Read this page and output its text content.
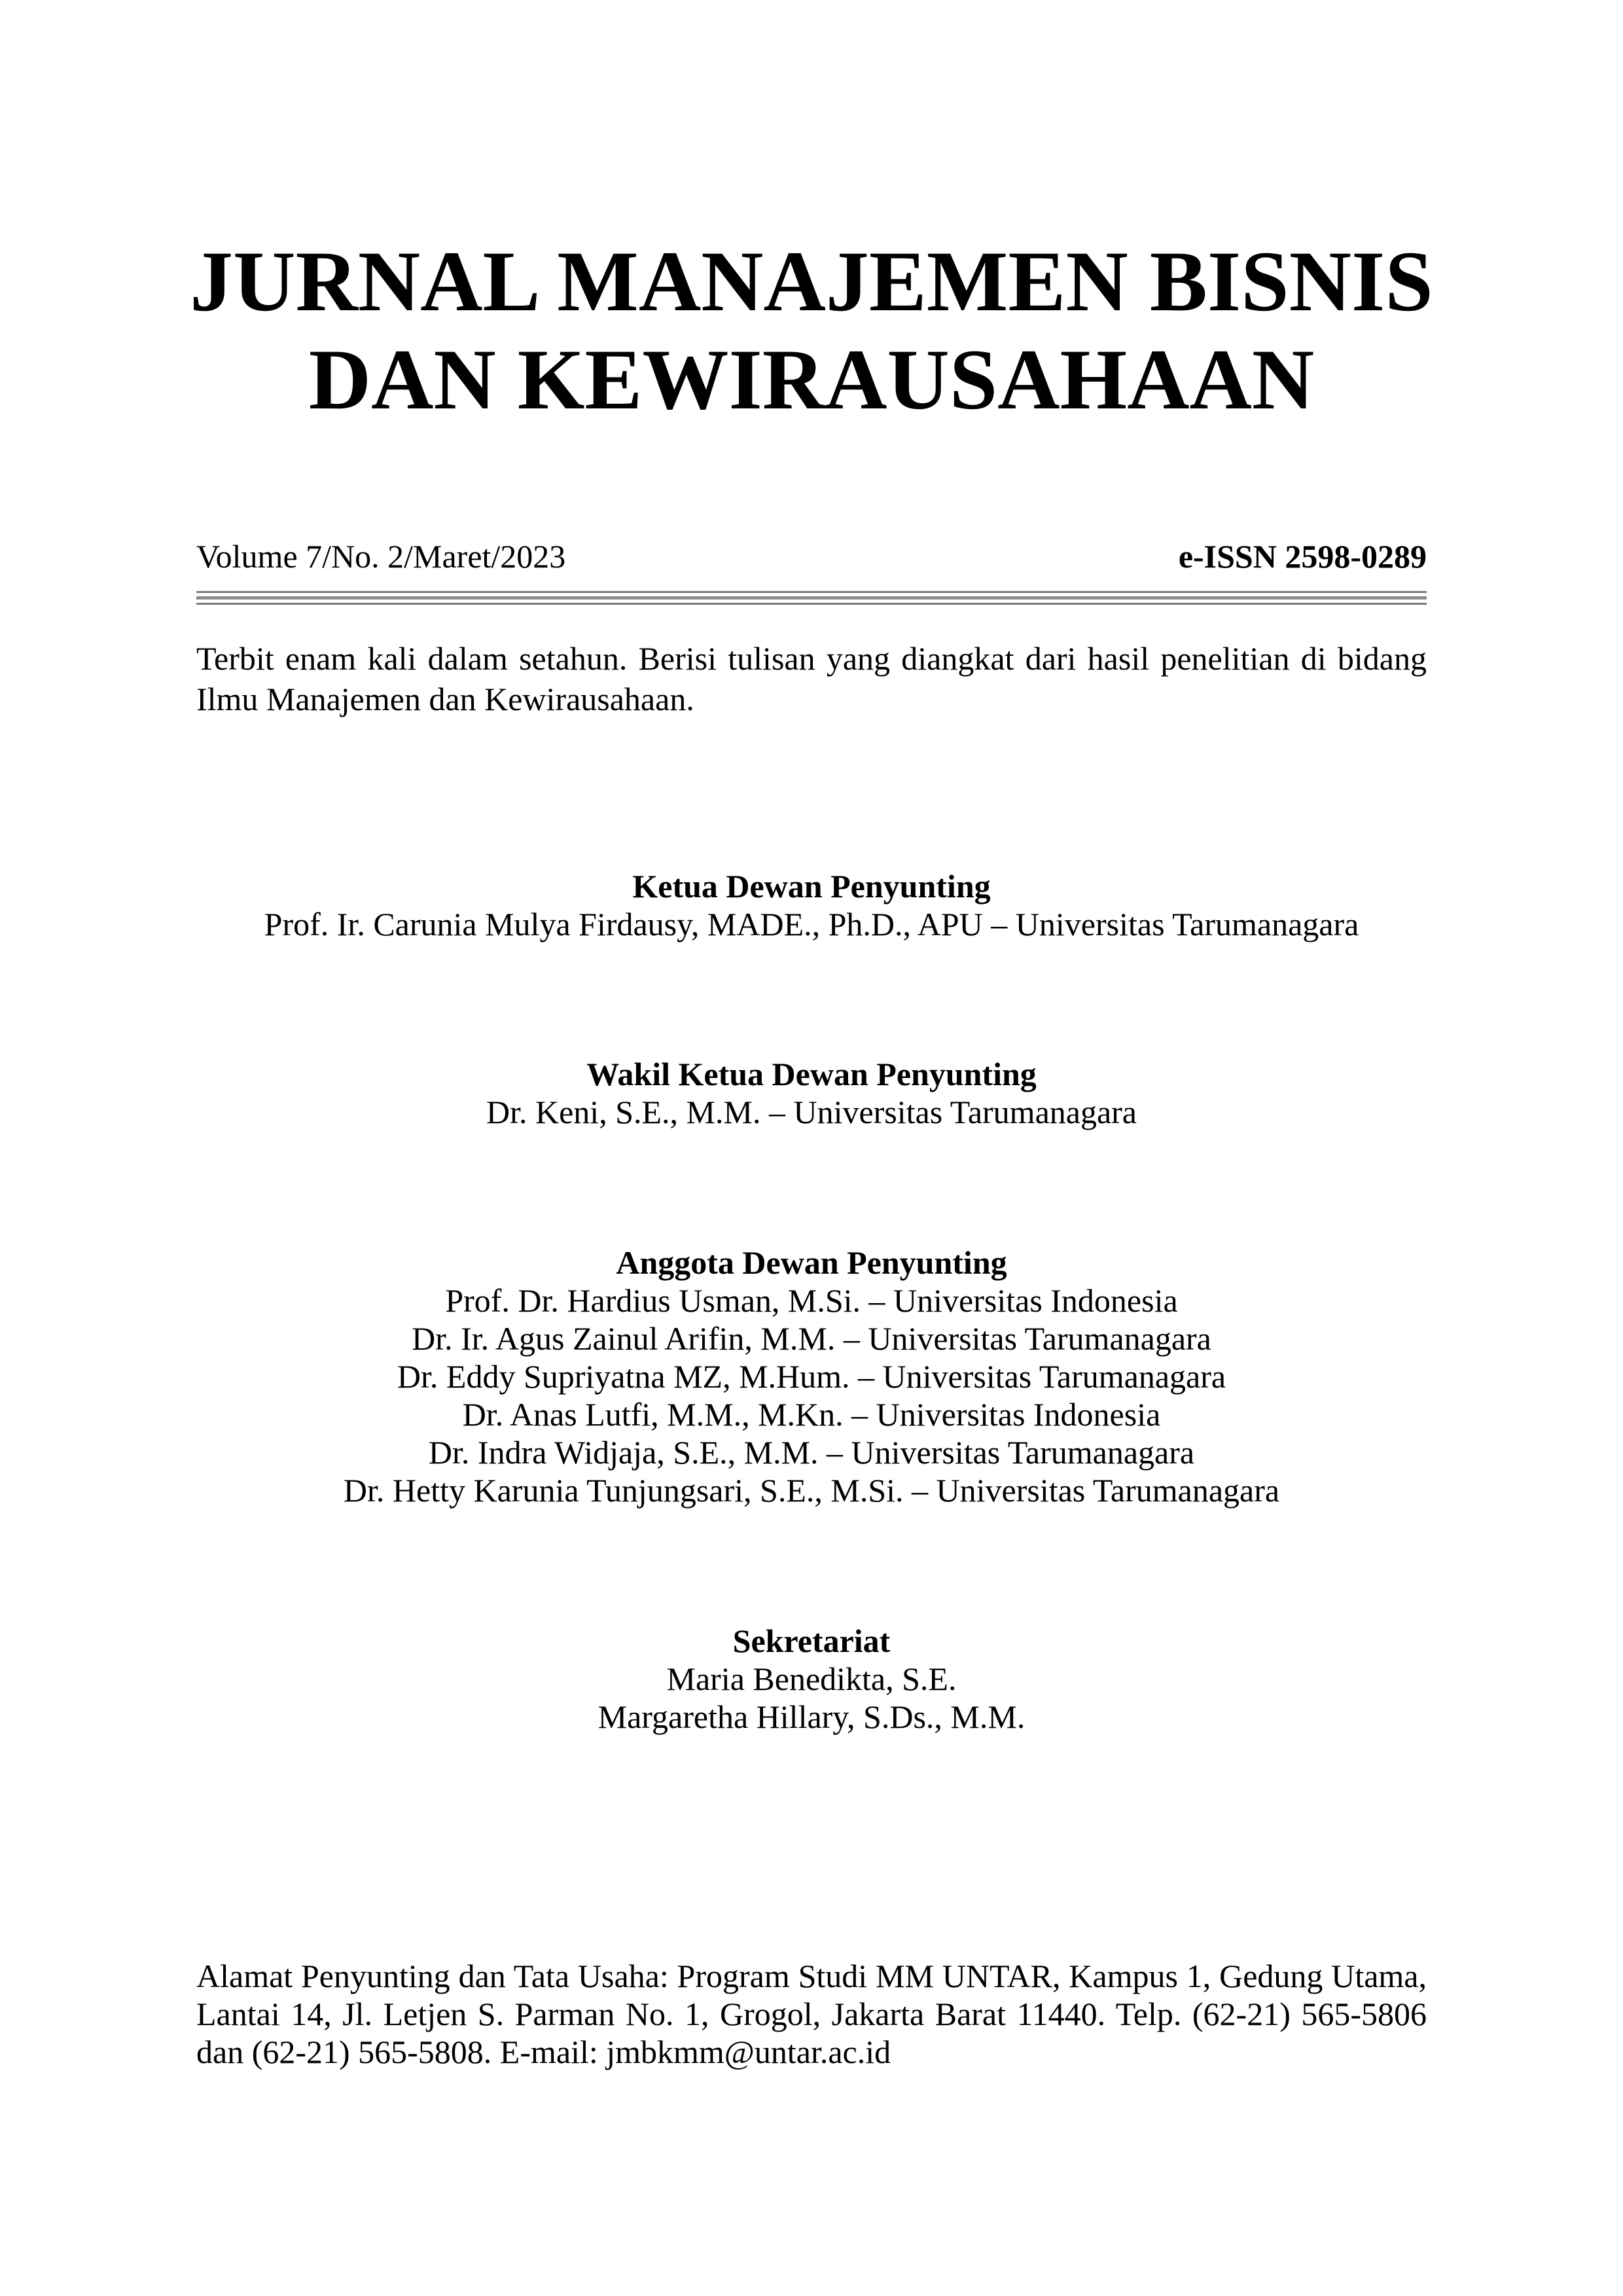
JURNAL MANAJEMEN BISNIS
DAN KEWIRAUSAHAAN
Volume 7/No. 2/Maret/2023	e-ISSN 2598-0289

Terbit enam kali dalam setahun. Berisi tulisan yang diangkat dari hasil penelitian di bidang Ilmu Manajemen dan Kewirausahaan.

Ketua Dewan Penyunting
Prof. Ir. Carunia Mulya Firdausy, MADE., Ph.D., APU – Universitas Tarumanagara
Wakil Ketua Dewan Penyunting
Dr. Keni, S.E., M.M. – Universitas Tarumanagara
Anggota Dewan Penyunting
Prof. Dr. Hardius Usman, M.Si. – Universitas Indonesia
Dr. Ir. Agus Zainul Arifin, M.M. – Universitas Tarumanagara
Dr. Eddy Supriyatna MZ, M.Hum. – Universitas Tarumanagara
Dr. Anas Lutfi, M.M., M.Kn. – Universitas Indonesia
Dr. Indra Widjaja, S.E., M.M. – Universitas Tarumanagara
Dr. Hetty Karunia Tunjungsari, S.E., M.Si. – Universitas Tarumanagara
Sekretariat
Maria Benedikta, S.E.
Margaretha Hillary, S.Ds., M.M.
Alamat Penyunting dan Tata Usaha: Program Studi MM UNTAR, Kampus 1, Gedung Utama,
Lantai 14, Jl. Letjen S. Parman No. 1, Grogol, Jakarta Barat 11440. Telp. (62-21) 565-5806
dan (62-21) 565-5808. E-mail: jmbkmm@untar.ac.id
